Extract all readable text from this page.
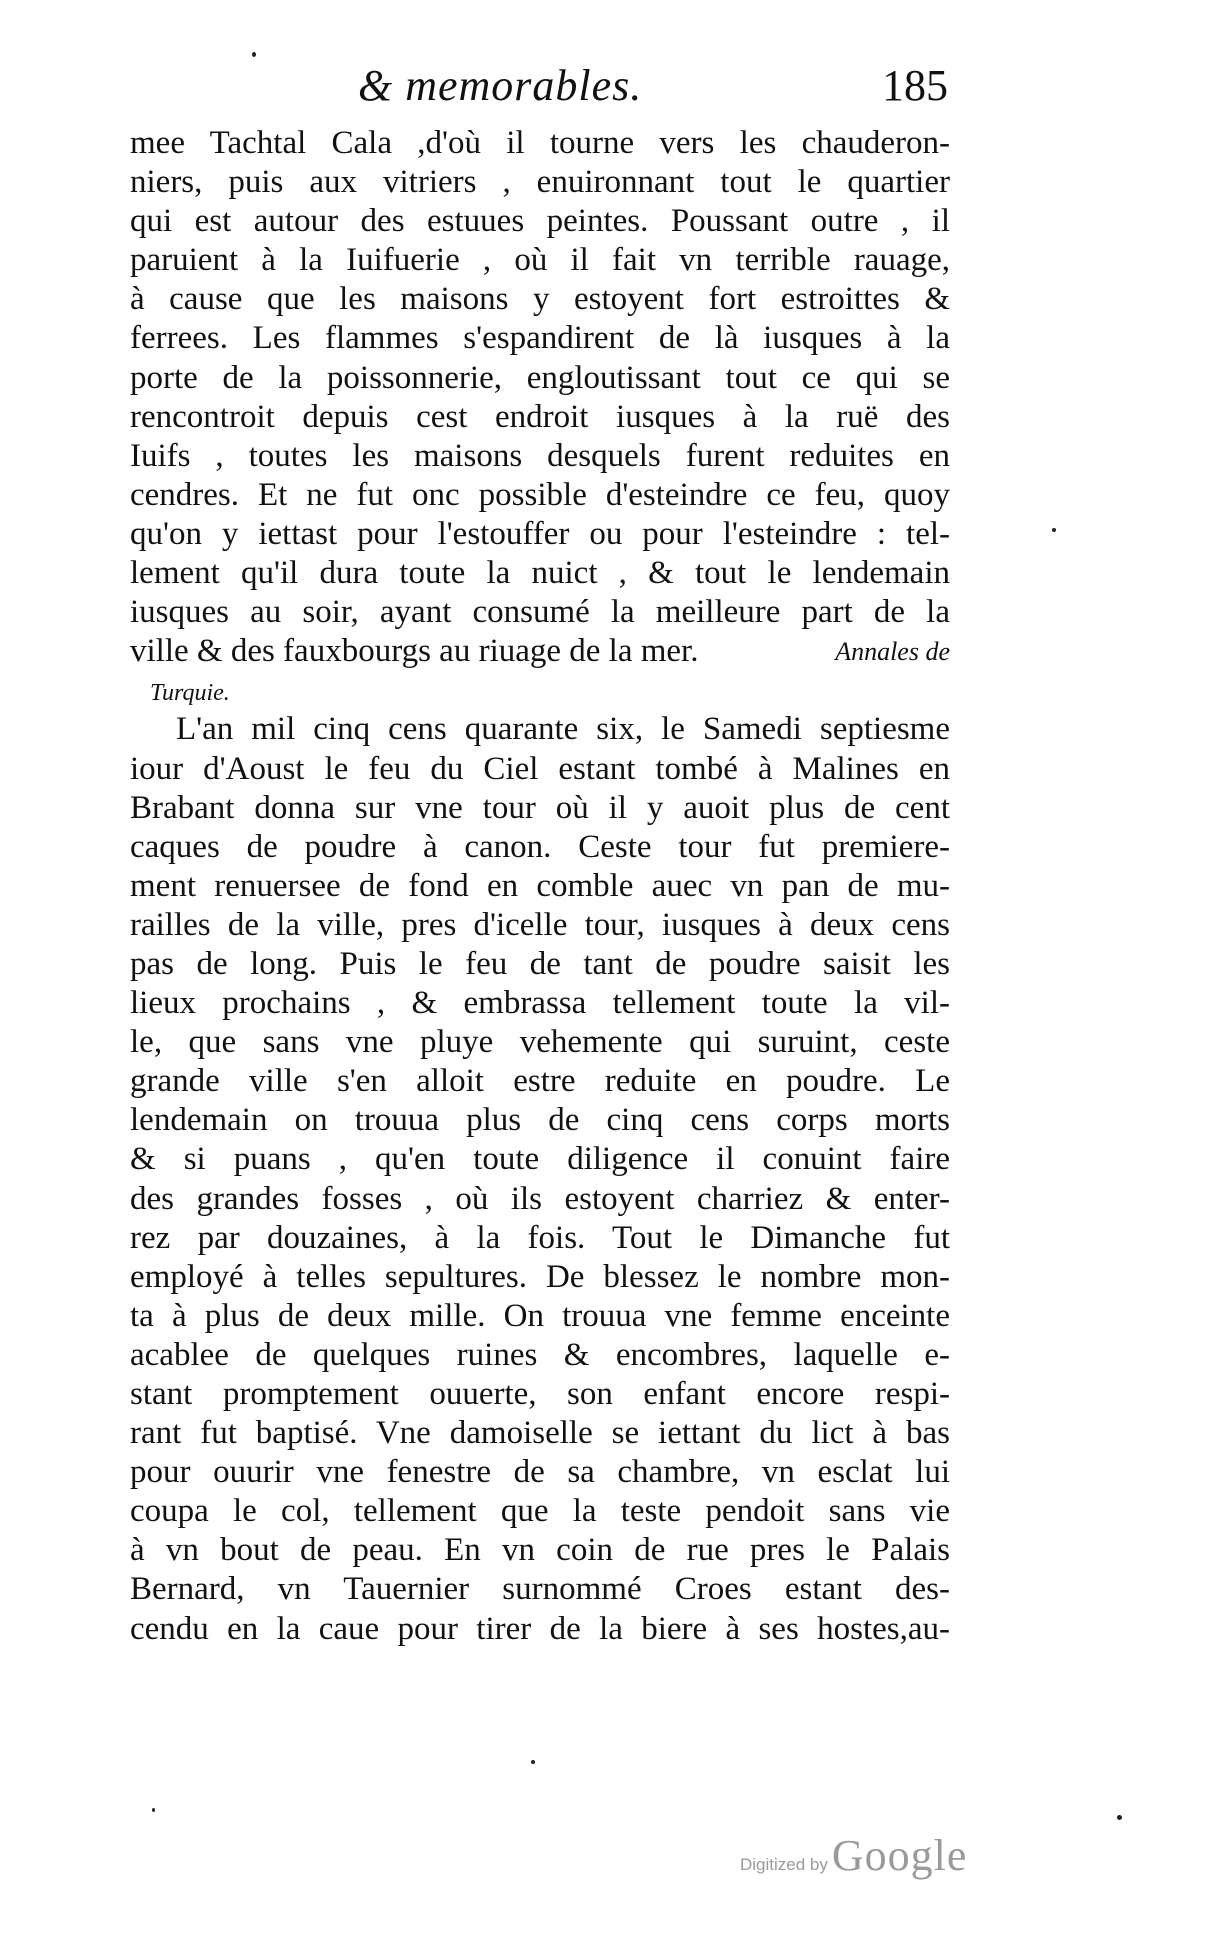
& memorables.	185
mee Tachtal Cala ,d'où il tourne vers les chauderon-
niers, puis aux vitriers , enuironnant tout le quartier
qui est autour des estuues peintes. Poussant outre , il
paruient à la Iuifuerie , où il fait vn terrible rauage,
à cause que les maisons y estoyent fort estroittes &
ferrees. Les flammes s'espandirent de là iusques à la
porte de la poissonnerie, engloutissant tout ce qui se
rencontroit depuis cest endroit iusques à la ruë des
Iuifs , toutes les maisons desquels furent reduites en
cendres. Et ne fut onc possible d'esteindre ce feu, quoy
qu'on y iettast pour l'estouffer ou pour l'esteindre : tel-
lement qu'il dura toute la nuict , & tout le lendemain
iusques au soir, ayant consumé la meilleure part de la
ville & des fauxbourgs au riuage de la mer.	Annales de
Turquie.
L'an mil cinq cens quarante six, le Samedi septiesme
iour d'Aoust le feu du Ciel estant tombé à Malines en
Brabant donna sur vne tour où il y auoit plus de cent
caques de poudre à canon. Ceste tour fut premiere-
ment renuersee de fond en comble auec vn pan de mu-
railles de la ville, pres d'icelle tour, iusques à deux cens
pas de long. Puis le feu de tant de poudre saisit les
lieux prochains , & embrassa tellement toute la vil-
le, que sans vne pluye vehemente qui suruint, ceste
grande ville s'en alloit estre reduite en poudre. Le
lendemain on trouua plus de cinq cens corps morts
& si puans , qu'en toute diligence il conuint faire
des grandes fosses , où ils estoyent charriez & enter-
rez par douzaines, à la fois. Tout le Dimanche fut
employé à telles sepultures. De blessez le nombre mon-
ta à plus de deux mille. On trouua vne femme enceinte
acablee de quelques ruines & encombres, laquelle e-
stant promptement ouuerte, son enfant encore respi-
rant fut baptisé. Vne damoiselle se iettant du lict à bas
pour ouurir vne fenestre de sa chambre, vn esclat lui
coupa le col, tellement que la teste pendoit sans vie
à vn bout de peau. En vn coin de rue pres le Palais
Bernard, vn Tauernier surnommé Croes estant des-
cendu en la caue pour tirer de la biere à ses hostes,au-
Digitized byGoogle
